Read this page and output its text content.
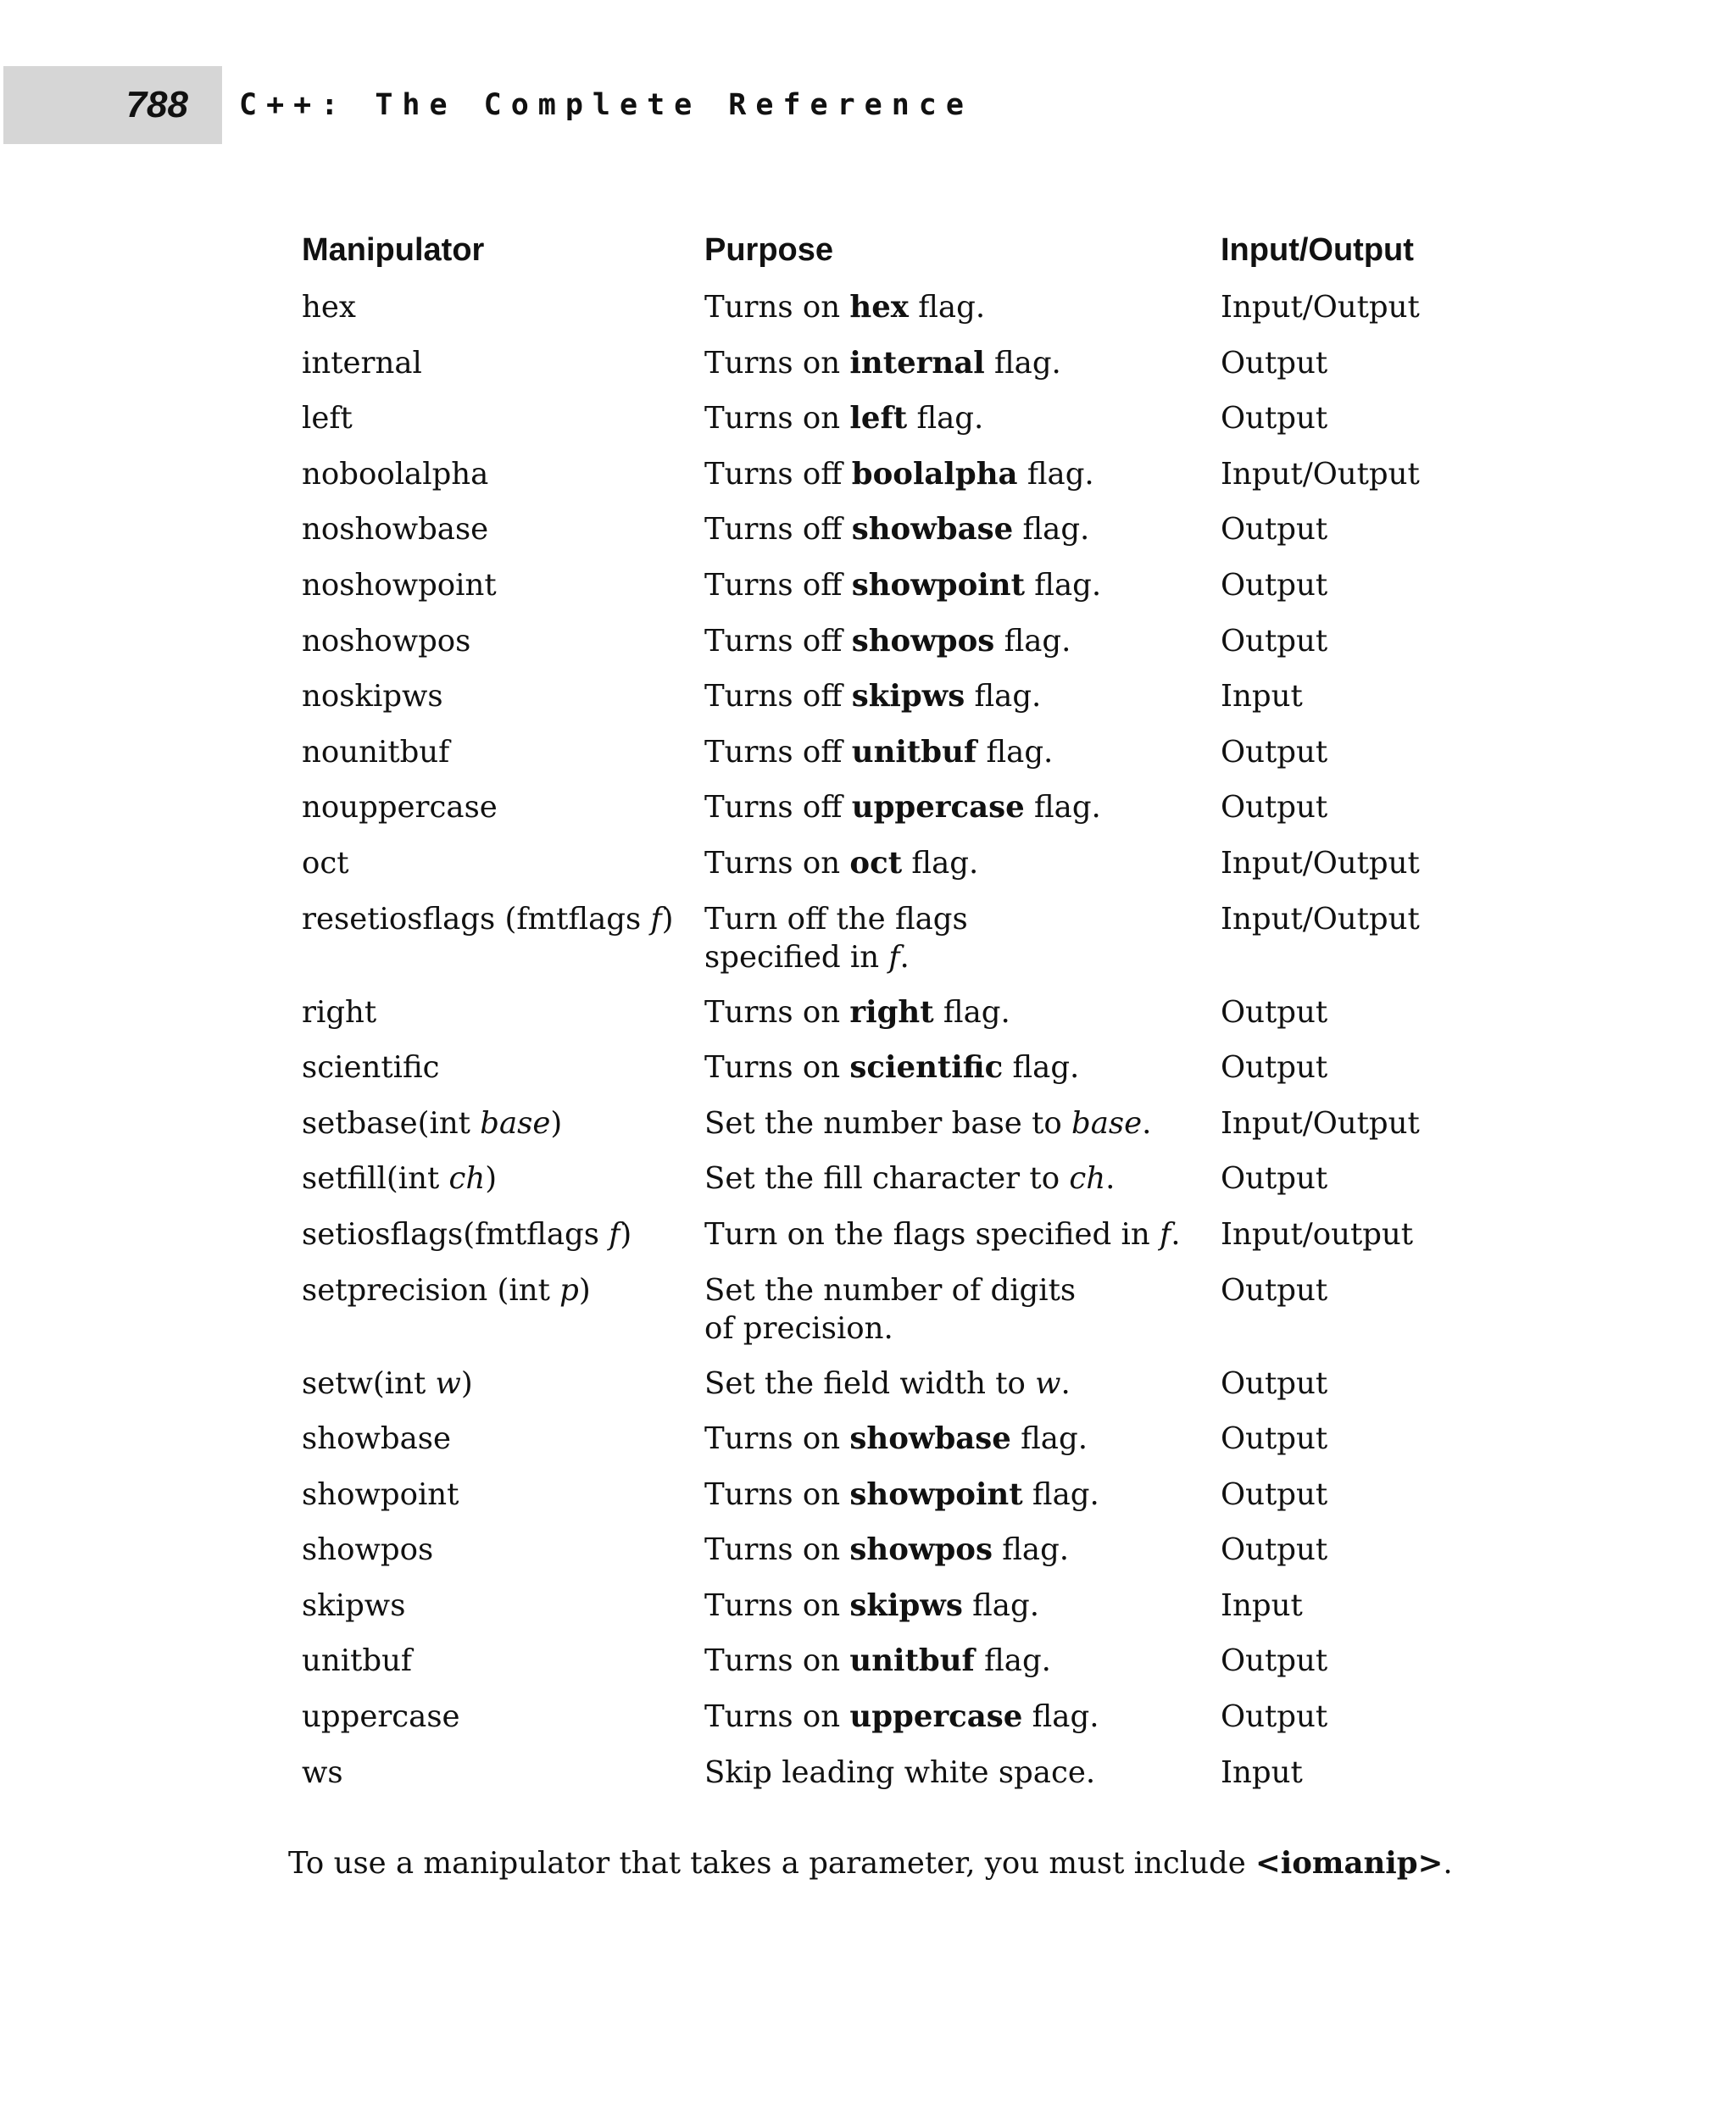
788 C++: The Complete Reference
Manipulator	Purpose	Input/Output
hex	Turns on hex flag.	Input/Output
internal	Turns on internal flag.	Output
left	Turns on left flag.	Output
noboolalpha	Turns off boolalpha flag.	Input/Output
noshowbase	Turns off showbase flag.	Output
noshowpoint	Turns off showpoint flag.	Output
noshowpos	Turns off showpos flag.	Output
noskipws	Turns off skipws flag.	Input
nounitbuf	Turns off unitbuf flag.	Output
nouppercase	Turns off uppercase flag.	Output
oct	Turns on oct flag.	Input/Output
resetiosflags (fmtflags f)	Turn off the flags specified in f.	Input/Output
right	Turns on right flag.	Output
scientific	Turns on scientific flag.	Output
setbase(int base)	Set the number base to base.	Input/Output
setfill(int ch)	Set the fill character to ch.	Output
setiosflags(fmtflags f)	Turn on the flags specified in f.	Input/output
setprecision (int p)	Set the number of digits of precision.	Output
setw(int w)	Set the field width to w.	Output
showbase	Turns on showbase flag.	Output
showpoint	Turns on showpoint flag.	Output
showpos	Turns on showpos flag.	Output
skipws	Turns on skipws flag.	Input
unitbuf	Turns on unitbuf flag.	Output
uppercase	Turns on uppercase flag.	Output
ws	Skip leading white space.	Input
To use a manipulator that takes a parameter, you must include <iomanip>.
